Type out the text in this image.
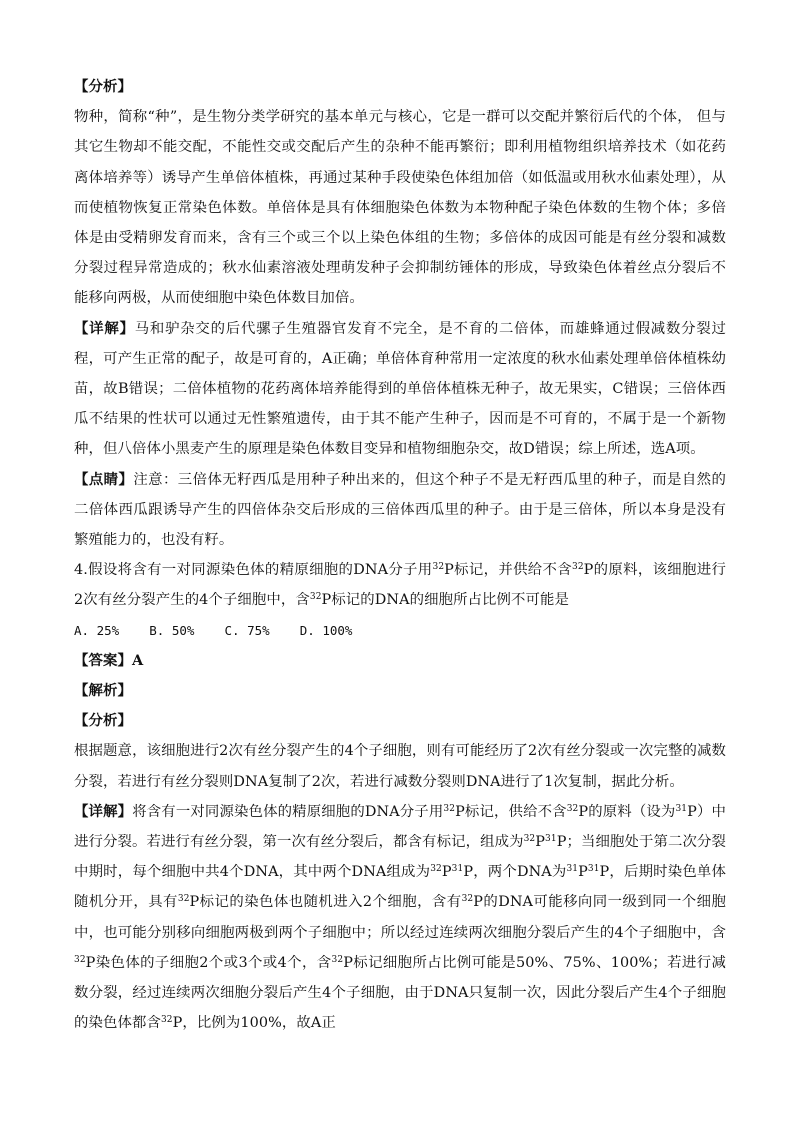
【分析】

物种，简称“种”，是生物分类学研究的基本单元与核心，它是一群可以交配并繁衍后代的个体， 但与其它生物却不能交配，不能性交或交配后产生的杂种不能再繁衍；即利用植物组织培养技术（如花药离体培养等）诱导产生单倍体植株，再通过某种手段使染色体组加倍（如低温或用秋水仙素处理），从而使植物恢复正常染色体数。单倍体是具有体细胞染色体数为本物种配子染色体数的生物个体；多倍体是由受精卵发育而来，含有三个或三个以上染色体组的生物；多倍体的成因可能是有丝分裂和减数分裂过程异常造成的；秋水仙素溶液处理萌发种子会抑制纺锤体的形成，导致染色体着丝点分裂后不能移向两极，从而使细胞中染色体数目加倍。

【详解】马和驴杂交的后代骡子生殖器官发育不完全，是不育的二倍体，而雄蜂通过假减数分裂过程，可产生正常的配子，故是可育的，A正确；单倍体育种常用一定浓度的秋水仙素处理单倍体植株幼苗，故B错误；二倍体植物的花药离体培养能得到的单倍体植株无种子，故无果实，C错误；三倍体西瓜不结果的性状可以通过无性繁殖遗传，由于其不能产生种子，因而是不可育的，不属于是一个新物种，但八倍体小黑麦产生的原理是染色体数目变异和植物细胞杂交，故D错误；综上所述，选A项。

【点睛】注意：三倍体无籽西瓜是用种子种出来的，但这个种子不是无籽西瓜里的种子，而是自然的二倍体西瓜跟诱导产生的四倍体杂交后形成的三倍体西瓜里的种子。由于是三倍体，所以本身是没有繁殖能力的，也没有籽。

4.假设将含有一对同源染色体的精原细胞的DNA分子用$^{32}$P标记，并供给不含$^{32}$P的原料，该细胞进行 2次有丝分裂产生的4个子细胞中，含$^{32}$P标记的DNA的细胞所占比例不可能是

A. 25%    B. 50%    C. 75%    D. 100%

【答案】A

【解析】

【分析】

根据题意，该细胞进行2次有丝分裂产生的4个子细胞，则有可能经历了2次有丝分裂或一次完整的减数分裂，若进行有丝分裂则DNA复制了2次，若进行减数分裂则DNA进行了1次复制，据此分析。

【详解】将含有一对同源染色体的精原细胞的DNA分子用$^{32}$P标记，供给不含$^{32}$P的原料（设为$^{31}$P）中进行分裂。若进行有丝分裂，第一次有丝分裂后，都含有标记，组成为$^{32}P^{31}P$；当细胞处于第二次分裂中期时，每个细胞中共4个DNA，其中两个DNA组成为$^{32}P^{31}P$，两个DNA为$^{31}P^{31}P$，后期时染色单体随机分开，具有$^{32}$P标记的染色体也随机进入2个细胞，含有$^{32}$P的DNA可能移向同一级到同一个细胞中，也可能分别移向细胞两极到两个子细胞中；所以经过连续两次细胞分裂后产生的4个子细胞中，含$^{32}$P染色体的子细胞2个或3个或4个，含$^{32}$P标记细胞所占比例可能是50%、75%、100%；若进行减数分裂，经过连续两次细胞分裂后产生4个子细胞，由于DNA只复制一次，因此分裂后产生4个子细胞的染色体都含$^{32}$P，比例为100%，故A正
